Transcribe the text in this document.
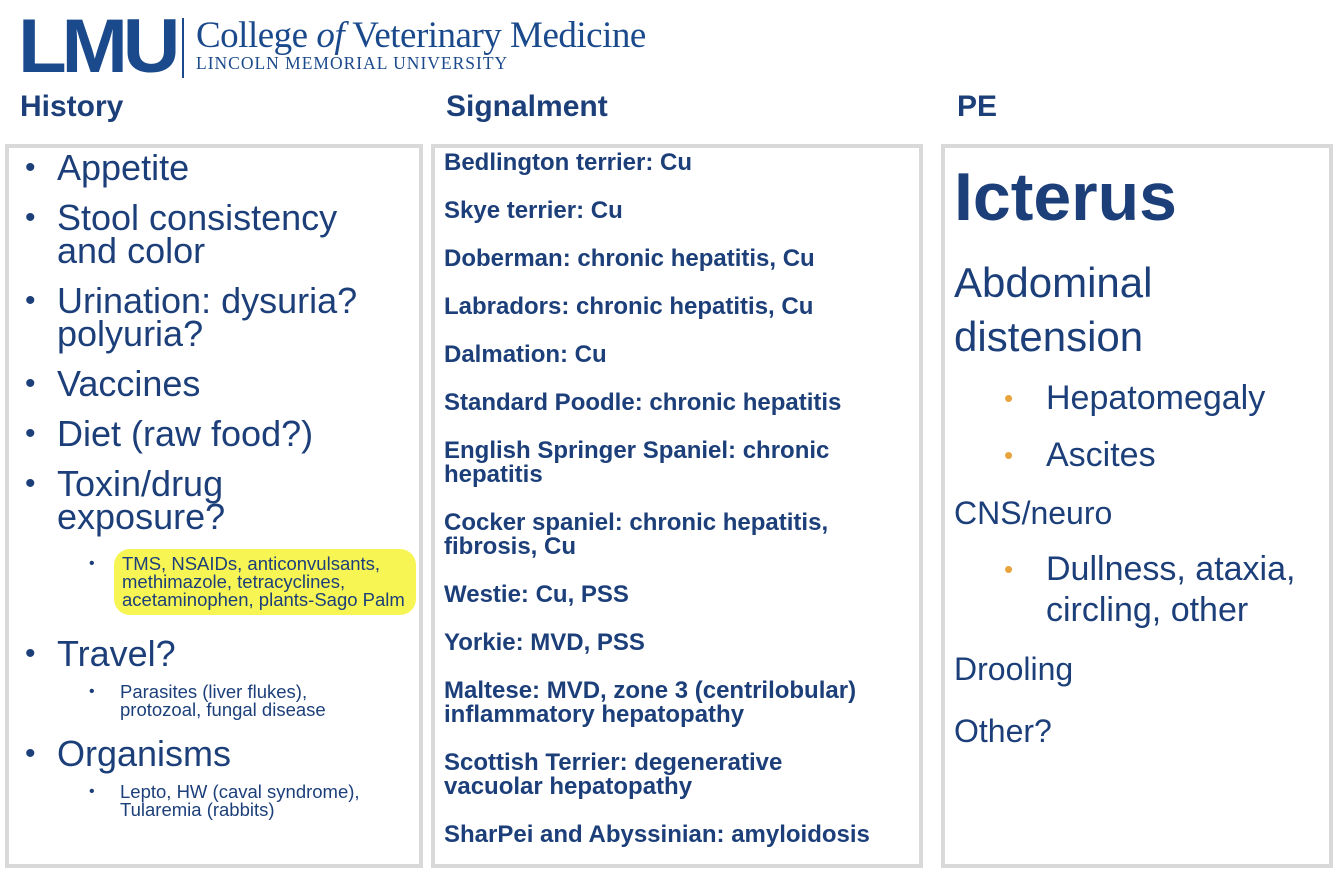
LMU College of Veterinary Medicine
LINCOLN MEMORIAL UNIVERSITY
History	Signalment	PE
• Appetite
• Stool consistency and color
• Urination: dysuria? polyuria?
• Vaccines
• Diet (raw food?)
• Toxin/drug exposure?
• TMS, NSAIDs, anticonvulsants, methimazole, tetracyclines, acetaminophen, plants-Sago Palm
• Travel?
• Parasites (liver flukes), protozoal, fungal disease
• Organisms
• Lepto, HW (caval syndrome), Tularemia (rabbits)
Bedlington terrier: Cu
Skye terrier: Cu
Doberman: chronic hepatitis, Cu
Labradors: chronic hepatitis, Cu
Dalmation: Cu
Standard Poodle: chronic hepatitis
English Springer Spaniel: chronic hepatitis
Cocker spaniel: chronic hepatitis, fibrosis, Cu
Westie: Cu, PSS
Yorkie: MVD, PSS
Maltese: MVD, zone 3 (centrilobular) inflammatory hepatopathy
Scottish Terrier: degenerative vacuolar hepatopathy
SharPei and Abyssinian: amyloidosis
Icterus
Abdominal distension
• Hepatomegaly
• Ascites
CNS/neuro
• Dullness, ataxia, circling, other
Drooling
Other?
